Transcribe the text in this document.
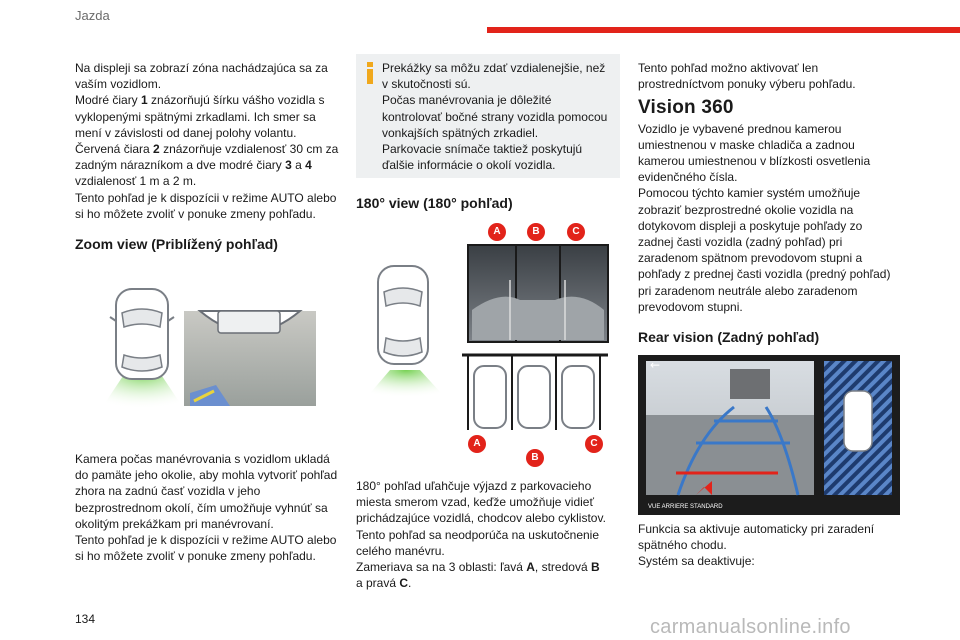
Jazda
Na displeji sa zobrazí zóna nachádzajúca sa za vaším vozidlom.
Modré čiary 1 znázorňujú šírku vášho vozidla s vyklopenými spätnými zrkadlami. Ich smer sa mení v závislosti od danej polohy volantu.
Červená čiara 2 znázorňuje vzdialenosť 30 cm za zadným nárazníkom a dve modré čiary 3 a 4 vzdialenosť 1 m a 2 m.
Tento pohľad je k dispozícii v režime AUTO alebo si ho môžete zvoliť v ponuke zmeny pohľadu.
Zoom view (Priblížený pohľad)
Kamera počas manévrovania s vozidlom ukladá do pamäte jeho okolie, aby mohla vytvoriť pohľad zhora na zadnú časť vozidla v jeho bezprostrednom okolí, čím umožňuje vyhnúť sa okolitým prekážkam pri manévrovaní.
Tento pohľad je k dispozícii v režime AUTO alebo si ho môžete zvoliť v ponuke zmeny pohľadu.
Prekážky sa môžu zdať vzdialenejšie, než v skutočnosti sú.
Počas manévrovania je dôležité kontrolovať bočné strany vozidla pomocou vonkajších spätných zrkadiel.
Parkovacie snímače taktiež poskytujú ďalšie informácie o okolí vozidla.
180° view (180° pohľad)
A	B	C
A
B
C
180° pohľad uľahčuje výjazd z parkovacieho miesta smerom vzad, keďže umožňuje vidieť prichádzajúce vozidlá, chodcov alebo cyklistov.
Tento pohľad sa neodporúča na uskutočnenie celého manévru.
Zameriava sa na 3 oblasti: ľavá A, stredová B
a pravá C.
Tento pohľad možno aktivovať len prostredníctvom ponuky výberu pohľadu.
Vision 360
Vozidlo je vybavené prednou kamerou umiestnenou v maske chladiča a zadnou kamerou umiestnenou v blízkosti osvetlenia evidenčného čísla.
Pomocou týchto kamier systém umožňuje zobraziť bezprostredné okolie vozidla na dotykovom displeji a poskytuje pohľady zo zadnej časti vozidla (zadný pohľad) pri zaradenom spätnom prevodovom stupni a pohľady z prednej časti vozidla (predný pohľad) pri zaradenom neutrále alebo zaradenom prevodovom stupni.
Rear vision (Zadný pohľad)
←
VUE ARRIERE STANDARD
Funkcia sa aktivuje automaticky pri zaradení spätného chodu.
Systém sa deaktivuje:
134	carmanualsonline.info
